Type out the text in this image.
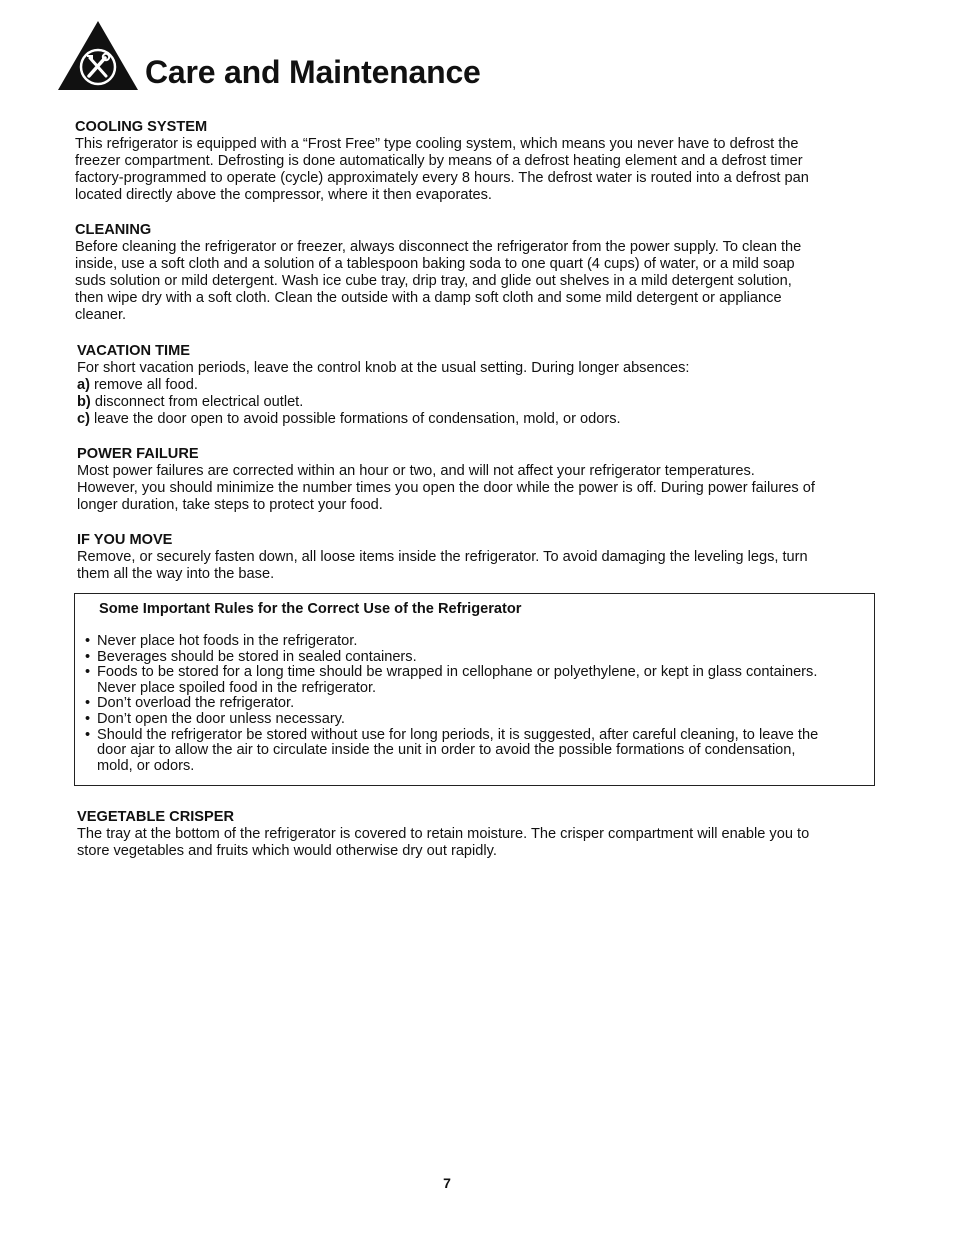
Care and Maintenance
COOLING SYSTEM

This refrigerator is equipped with a “Frost Free” type cooling system, which means you never have to defrost the
freezer compartment. Defrosting is done automatically by means of a defrost heating element and a defrost timer
factory-programmed to operate (cycle) approximately every 8 hours. The defrost water is routed into a defrost pan
located directly above the compressor, where it then evaporates.

CLEANING

Before cleaning the refrigerator or freezer, always disconnect the refrigerator from the power supply. To clean the
inside, use a soft cloth and a solution of a tablespoon baking soda to one quart (4 cups) of water, or a mild soap
suds solution or mild detergent. Wash ice cube tray, drip tray, and glide out shelves in a mild detergent solution,
then wipe dry with a soft cloth. Clean the outside with a damp soft cloth and some mild detergent or appliance
cleaner.

VACATION TIME

For short vacation periods, leave the control knob at the usual setting. During longer absences:
a) remove all food.
b) disconnect from electrical outlet.
c) leave the door open to avoid possible formations of condensation, mold, or odors.

POWER FAILURE

Most power failures are corrected within an hour or two, and will not affect your refrigerator temperatures.
However, you should minimize the number times you open the door while the power is off. During power failures of
longer duration, take steps to protect your food.

IF YOU MOVE

Remove, or securely fasten down, all loose items inside the refrigerator. To avoid damaging the leveling legs, turn
them all the way into the base.

Some Important Rules for the Correct Use of the Refrigerator
• Never place hot foods in the refrigerator.
• Beverages should be stored in sealed containers.
• Foods to be stored for a long time should be wrapped in cellophane or polyethylene, or kept in glass containers.
Never place spoiled food in the refrigerator.
• Don’t overload the refrigerator.
• Don’t open the door unless necessary.
• Should the refrigerator be stored without use for long periods, it is suggested, after careful cleaning, to leave the
door ajar to allow the air to circulate inside the unit in order to avoid the possible formations of condensation,
mold, or odors.
VEGETABLE CRISPER

The tray at the bottom of the refrigerator is covered to retain moisture. The crisper compartment will enable you to
store vegetables and fruits which would otherwise dry out rapidly.

7
